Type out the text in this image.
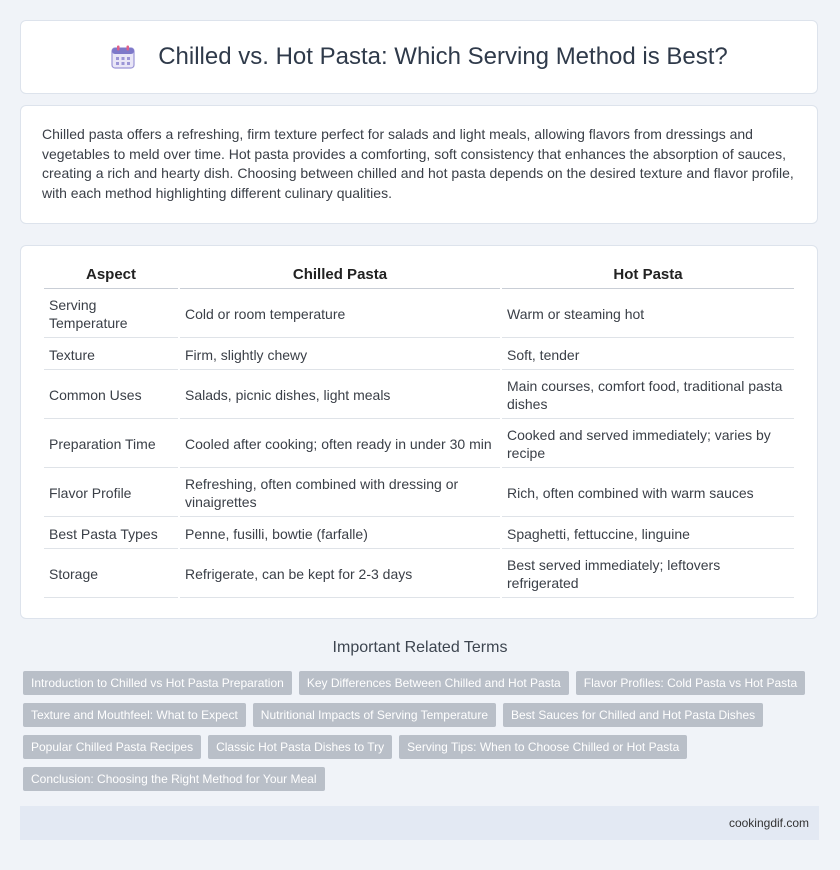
Chilled vs. Hot Pasta: Which Serving Method is Best?

Chilled pasta offers a refreshing, firm texture perfect for salads and light meals, allowing flavors from dressings and vegetables to meld over time. Hot pasta provides a comforting, soft consistency that enhances the absorption of sauces, creating a rich and hearty dish. Choosing between chilled and hot pasta depends on the desired texture and flavor profile, with each method highlighting different culinary qualities.

Aspect	Chilled Pasta	Hot Pasta
Serving Temperature	Cold or room temperature	Warm or steaming hot
Texture	Firm, slightly chewy	Soft, tender
Common Uses	Salads, picnic dishes, light meals	Main courses, comfort food, traditional pasta dishes
Preparation Time	Cooled after cooking; often ready in under 30 min	Cooked and served immediately; varies by recipe
Flavor Profile	Refreshing, often combined with dressing or vinaigrettes	Rich, often combined with warm sauces
Best Pasta Types	Penne, fusilli, bowtie (farfalle)	Spaghetti, fettuccine, linguine
Storage	Refrigerate, can be kept for 2-3 days	Best served immediately; leftovers refrigerated
Important Related Terms
Introduction to Chilled vs Hot Pasta Preparation	Key Differences Between Chilled and Hot Pasta	Flavor Profiles: Cold Pasta vs Hot Pasta
Texture and Mouthfeel: What to Expect	Nutritional Impacts of Serving Temperature	Best Sauces for Chilled and Hot Pasta Dishes
Popular Chilled Pasta Recipes	Classic Hot Pasta Dishes to Try	Serving Tips: When to Choose Chilled or Hot Pasta
Conclusion: Choosing the Right Method for Your Meal
cookingdif.com
